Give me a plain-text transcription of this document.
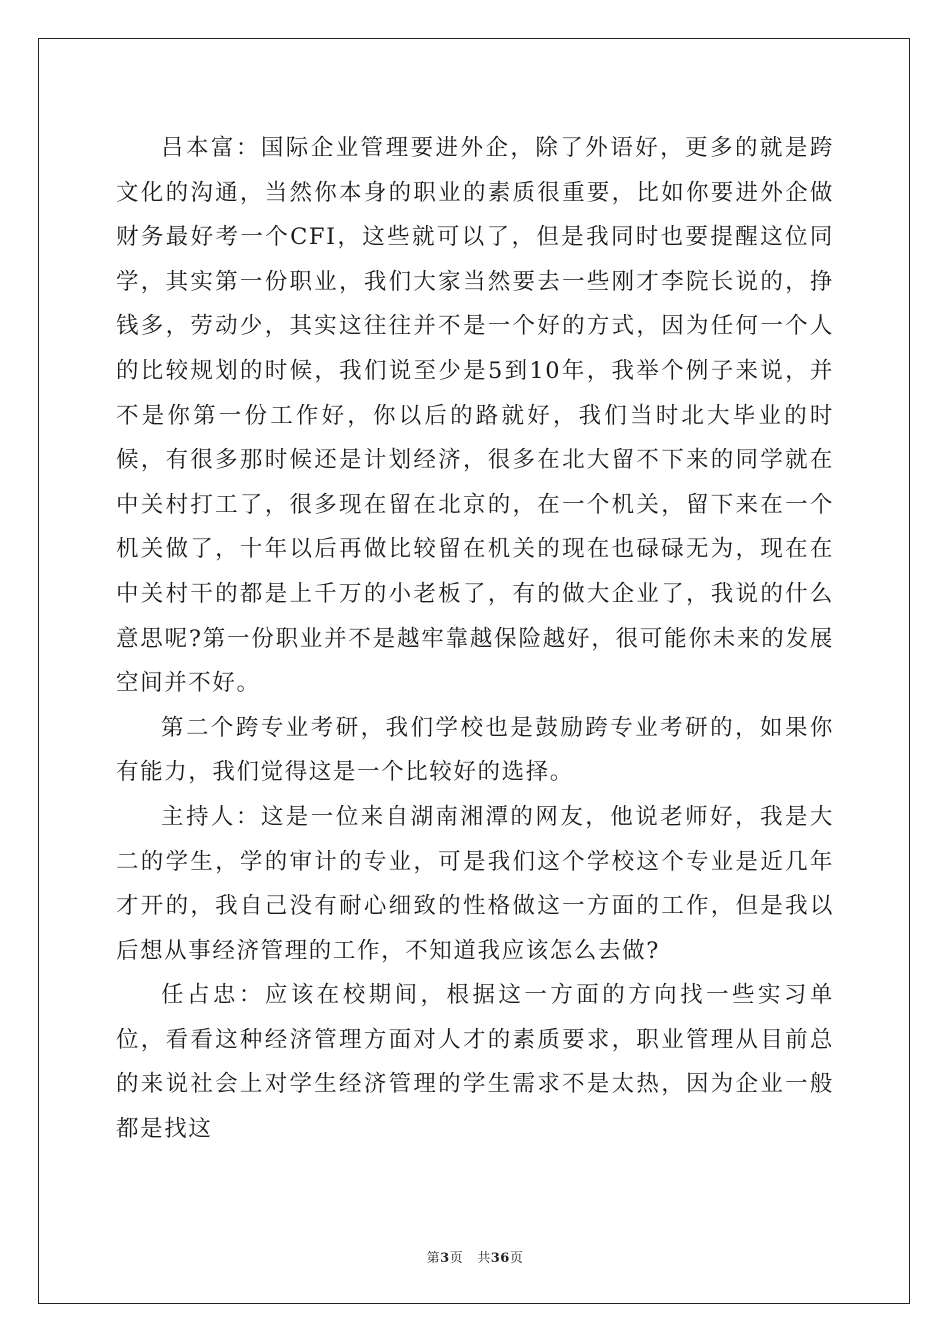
吕本富：国际企业管理要进外企，除了外语好，更多的就是跨文化的沟通，当然你本身的职业的素质很重要，比如你要进外企做财务最好考一个CFI，这些就可以了，但是我同时也要提醒这位同学，其实第一份职业，我们大家当然要去一些刚才李院长说的，挣钱多，劳动少，其实这往往并不是一个好的方式，因为任何一个人的比较规划的时候，我们说至少是5到10年，我举个例子来说，并不是你第一份工作好，你以后的路就好，我们当时北大毕业的时候，有很多那时候还是计划经济，很多在北大留不下来的同学就在中关村打工了，很多现在留在北京的，在一个机关，留下来在一个机关做了，十年以后再做比较留在机关的现在也碌碌无为，现在在中关村干的都是上千万的小老板了，有的做大企业了，我说的什么意思呢?第一份职业并不是越牢靠越保险越好，很可能你未来的发展空间并不好。

第二个跨专业考研，我们学校也是鼓励跨专业考研的，如果你有能力，我们觉得这是一个比较好的选择。

主持人：这是一位来自湖南湘潭的网友，他说老师好，我是大二的学生，学的审计的专业，可是我们这个学校这个专业是近几年才开的，我自己没有耐心细致的性格做这一方面的工作，但是我以后想从事经济管理的工作，不知道我应该怎么去做?

任占忠：应该在校期间，根据这一方面的方向找一些实习单位，看看这种经济管理方面对人才的素质要求，职业管理从目前总的来说社会上对学生经济管理的学生需求不是太热，因为企业一般都是找这

第3页 共36页
